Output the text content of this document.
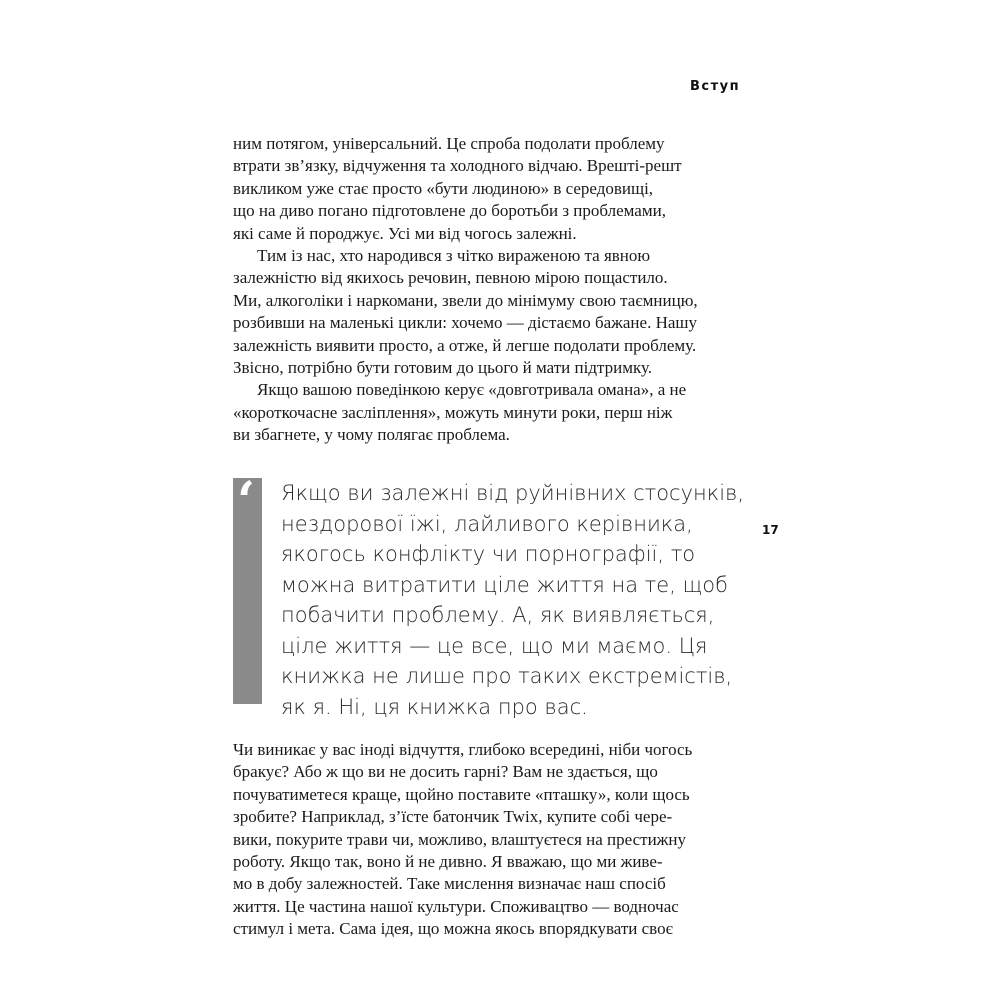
Вступ
17

ним потягом, універсальний. Це спроба подолати проблему
втрати зв’язку, відчуження та холодного відчаю. Врешті-решт
викликом уже стає просто «бути людиною» в середовищі,
що на диво погано підготовлене до боротьби з проблемами,
які саме й породжує. Усі ми від чогось залежні.

Тим із нас, хто народився з чітко вираженою та явною
залежністю від якихось речовин, певною мірою пощастило.
Ми, алкоголіки і наркомани, звели до мінімуму свою таємницю,
розбивши на маленькі цикли: хочемо — дістаємо бажане. Нашу
залежність виявити просто, а отже, й легше подолати проблему.
Звісно, потрібно бути готовим до цього й мати підтримку.

Якщо вашою поведінкою керує «довготривала омана», а не
«короткочасне засліплення», можуть минути роки, перш ніж
ви збагнете, у чому полягає проблема.

‘ Якщо ви залежні від руйнівних стосунків,
нездорової їжі, лайливого керівника,
якогось конфлікту чи порнографії, то
можна витратити ціле життя на те, щоб
побачити проблему. А, як виявляється,
ціле життя — це все, що ми маємо. Ця
книжка не лише про таких екстремістів,
як я. Ні, ця книжка про вас.

Чи виникає у вас іноді відчуття, глибоко всередині, ніби чогось
бракує? Або ж що ви не досить гарні? Вам не здається, що
почуватиметеся краще, щойно поставите «пташку», коли щось
зробите? Наприклад, з’їсте батончик Twix, купите собі чере-
вики, покурите трави чи, можливо, влаштуєтеся на престижну
роботу. Якщо так, воно й не дивно. Я вважаю, що ми живе-
мо в добу залежностей. Таке мислення визначає наш спосіб
життя. Це частина нашої культури. Споживацтво — водночас
стимул і мета. Сама ідея, що можна якось впорядкувати своє
